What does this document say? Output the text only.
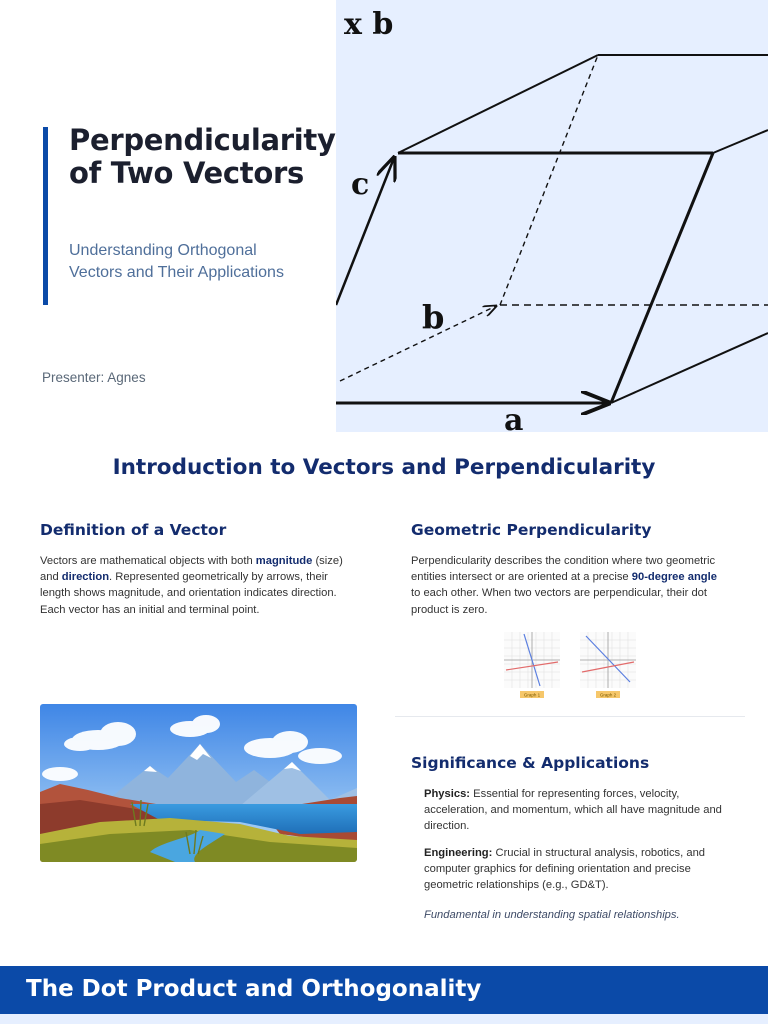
Perpendicularity of Two Vectors
Understanding Orthogonal Vectors and Their Applications
Presenter: Agnes
x b
c
b
a
Introduction to Vectors and Perpendicularity
Definition of a Vector
Vectors are mathematical objects with both magnitude (size) and direction. Represented geometrically by arrows, their length shows magnitude, and orientation indicates direction. Each vector has an initial and terminal point.
Geometric Perpendicularity
Perpendicularity describes the condition where two geometric entities intersect or are oriented at a precise 90-degree angle to each other. When two vectors are perpendicular, their dot product is zero.
Graph 1	Graph 2
Significance & Applications
Physics: Essential for representing forces, velocity, acceleration, and momentum, which all have magnitude and direction.
Engineering: Crucial in structural analysis, robotics, and computer graphics for defining orientation and precise geometric relationships (e.g., GD&T).
Fundamental in understanding spatial relationships.
The Dot Product and Orthogonality
